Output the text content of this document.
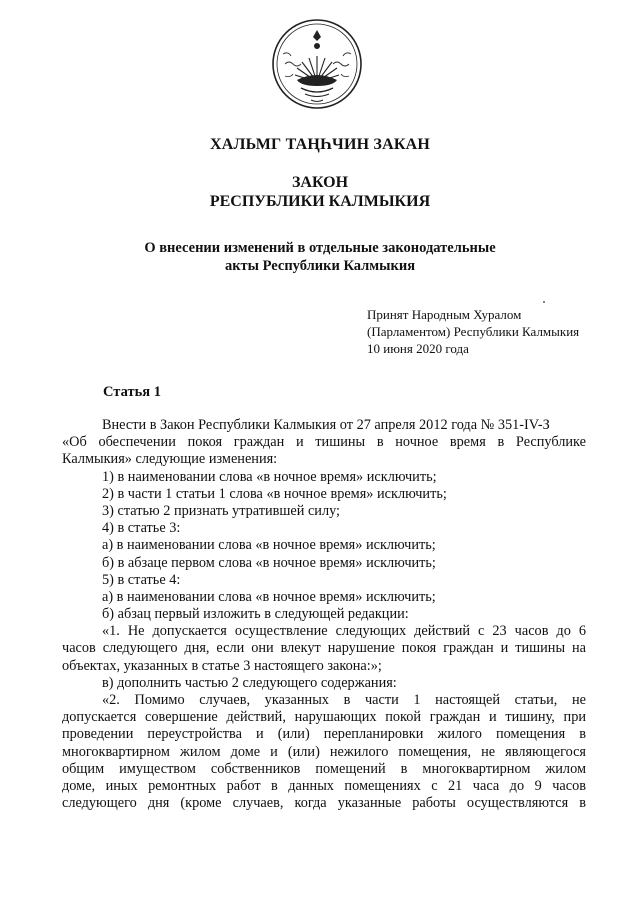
ХАЛЬМГ ТАҢҺЧИН ЗАКАН
ЗАКОН
РЕСПУБЛИКИ КАЛМЫКИЯ
О внесении изменений в отдельные законодательные
акты Республики Калмыкия
Принят Народным Хуралом
(Парламентом) Республики Калмыкия
10 июня 2020 года
Статья 1
Внести в Закон Республики Калмыкия от 27 апреля 2012 года № 351-IV-З
«Об обеспечении покоя граждан и тишины в ночное время в Республике
Калмыкия» следующие изменения:
1) в наименовании слова «в ночное время» исключить;
2) в части 1 статьи 1 слова «в ночное время» исключить;
3) статью 2 признать утратившей силу;
4) в статье 3:
а) в наименовании слова «в ночное время» исключить;
б) в абзаце первом слова «в ночное время» исключить;
5) в статье 4:
а) в наименовании слова «в ночное время» исключить;
б) абзац первый изложить в следующей редакции:
«1. Не допускается осуществление следующих действий с 23 часов до 6
часов следующего дня, если они влекут нарушение покоя граждан и тишины на
объектах, указанных в статье 3 настоящего закона:»;
в) дополнить частью 2 следующего содержания:
«2. Помимо случаев, указанных в части 1 настоящей статьи, не
допускается совершение действий, нарушающих покой граждан и тишину, при
проведении переустройства и (или) перепланировки жилого помещения в
многоквартирном жилом доме и (или) нежилого помещения, не являющегося
общим имуществом собственников помещений в многоквартирном жилом
доме, иных ремонтных работ в данных помещениях с 21 часа до 9 часов
следующего дня (кроме случаев, когда указанные работы осуществляются в
